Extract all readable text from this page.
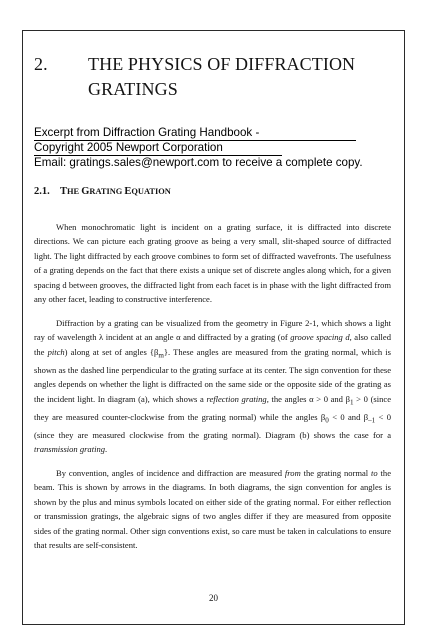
2. THE PHYSICS OF DIFFRACTION GRATINGS
Excerpt from Diffraction Grating Handbook -
Copyright 2005 Newport Corporation
Email: gratings.sales@newport.com to receive a complete copy.
2.1. THE GRATING EQUATION

When monochromatic light is incident on a grating surface, it is diffracted into discrete directions. We can picture each grating groove as being a very small, slit-shaped source of diffracted light. The light diffracted by each groove combines to form set of diffracted wavefronts. The usefulness of a grating depends on the fact that there exists a unique set of discrete angles along which, for a given spacing d between grooves, the diffracted light from each facet is in phase with the light diffracted from any other facet, leading to constructive interference.

Diffraction by a grating can be visualized from the geometry in Figure 2-1, which shows a light ray of wavelength λ incident at an angle α and diffracted by a grating (of groove spacing d, also called the pitch) along at set of angles $\{\beta_m\}$. These angles are measured from the grating normal, which is shown as the dashed line perpendicular to the grating surface at its center. The sign convention for these angles depends on whether the light is diffracted on the same side or the opposite side of the grating as the incident light. In diagram (a), which shows a reflection grating, the angles α > 0 and $\beta_1 > 0$ (since they are measured counter-clockwise from the grating normal) while the angles $\beta_0 < 0$ and $\beta_{-1} < 0$ (since they are measured clockwise from the grating normal). Diagram (b) shows the case for a transmission grating.

By convention, angles of incidence and diffraction are measured from the grating normal to the beam. This is shown by arrows in the diagrams. In both diagrams, the sign convention for angles is shown by the plus and minus symbols located on either side of the grating normal. For either reflection or transmission gratings, the algebraic signs of two angles differ if they are measured from opposite sides of the grating normal. Other sign conventions exist, so care must be taken in calculations to ensure that results are self-consistent.

20
